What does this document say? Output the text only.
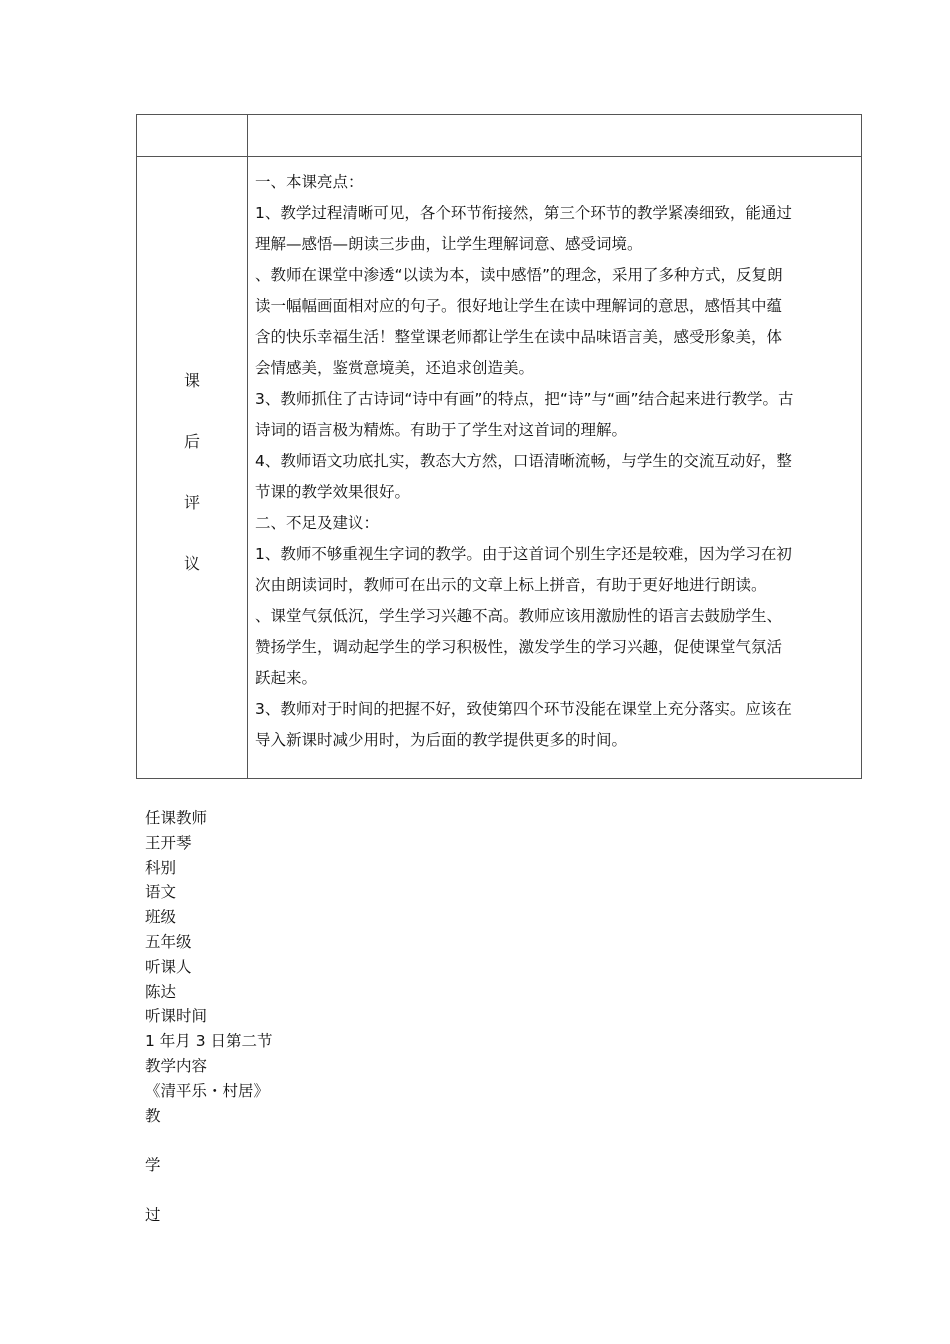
课
后
评
议

一、本课亮点：

1、教学过程清晰可见，各个环节衔接然，第三个环节的教学紧凑细致，能通过

理解—感悟—朗读三步曲，让学生理解词意、感受词境。

、教师在课堂中渗透“以读为本，读中感悟”的理念，采用了多种方式，反复朗

读一幅幅画面相对应的句子。很好地让学生在读中理解词的意思，感悟其中蕴

含的快乐幸福生活！整堂课老师都让学生在读中品味语言美，感受形象美，体

会情感美，鉴赏意境美，还追求创造美。

3、教师抓住了古诗词“诗中有画”的特点，把“诗”与“画”结合起来进行教学。古

诗词的语言极为精炼。有助于了学生对这首词的理解。

4、教师语文功底扎实，教态大方然，口语清晰流畅，与学生的交流互动好，整

节课的教学效果很好。

二、不足及建议：

1、教师不够重视生字词的教学。由于这首词个别生字还是较难，因为学习在初

次由朗读词时，教师可在出示的文章上标上拼音，有助于更好地进行朗读。

、课堂气氛低沉，学生学习兴趣不高。教师应该用激励性的语言去鼓励学生、

赞扬学生，调动起学生的学习积极性，激发学生的学习兴趣，促使课堂气氛活

跃起来。

3、教师对于时间的把握不好，致使第四个环节没能在课堂上充分落实。应该在

导入新课时减少用时，为后面的教学提供更多的时间。

任课教师
王开琴
科别
语文
班级
五年级
听课人
陈达
听课时间
1 年月 3 日第二节
教学内容
《清平乐・村居》
教
学
过
